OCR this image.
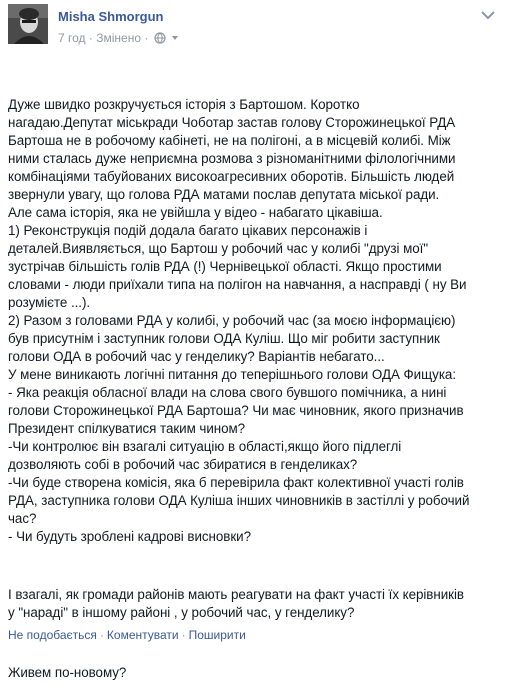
Misha Shmorgun
7 год · Змінено ·

Дуже швидко розкручується історія з Бартошом. Коротко
нагадаю.Депутат міськради Чоботар застав голову Сторожинецької РДА
Бартоша не в робочому кабінеті, не на полігоні, а в місцевій колибі. Між
ними сталась дуже неприємна розмова з різноманітними філологічними
комбінаціями табуйованих високоагресивних оборотів. Більшість людей
звернули увагу, що голова РДА матами послав депутата міської ради.
Але сама історія, яка не увійшла у відео - набагато цікавіша.
1) Реконструкція подій додала багато цікавих персонажів і
деталей.Виявляється, що Бартош у робочий час у колибі "друзі мої"
зустрічав більшість голів РДА (!) Чернівецької області. Якщо простими
словами - люди приїхали типа на полігон на навчання, а насправді ( ну Ви
розумієте ...).
2) Разом з головами РДА у колибі, у робочий час (за моєю інформацією)
був присутнім і заступник голови ОДА Куліш. Що міг робити заступник
голови ОДА в робочий час у генделику? Варіантів небагато...
У мене виникають логічні питання до теперішнього голови ОДА Фищука:
- Яка реакція обласної влади на слова свого бувшого помічника, а нині
голови Сторожинецької РДА Бартоша? Чи має чиновник, якого призначив
Президент спілкуватися таким чином?
-Чи контролює він взагалі ситуацію в області,якщо його підлеглі
дозволяють собі в робочий час збиратися в генделиках?
-Чи буде створена комісія, яка б перевірила факт колективної участі голів
РДА, заступника голови ОДА Куліша інших чиновників в застіллі у робочий
час?
- Чи будуть зроблені кадрові висновки?

І взагалі, як громади районів мають реагувати на факт участі їх керівників
у "нараді" в іншому районі , у робочий час, у генделику?

Живем по-новому?

Не подобається · Коментувати · Поширити
